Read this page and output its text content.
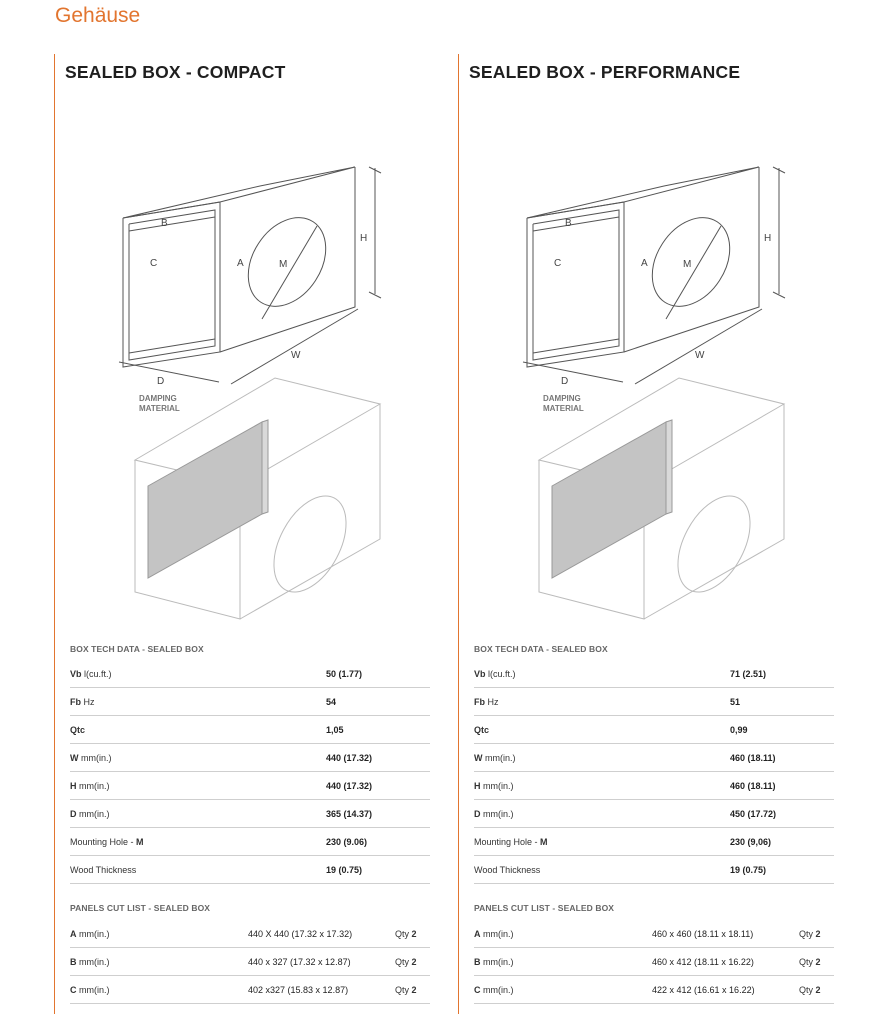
Gehäuse
SEALED BOX - COMPACT
B
C	A	M
H
W
D
DAMPING
MATERIAL

BOX TECH DATA - SEALED BOX

Vb l(cu.ft.)	50 (1.77)
Fb Hz	54
Qtc	1,05
W mm(in.)	440 (17.32)
H mm(in.)	440 (17.32)
D mm(in.)	365 (14.37)
Mounting Hole - M	230 (9.06)
Wood Thickness	19 (0.75)

PANELS CUT LIST - SEALED BOX

A mm(in.)	440 X 440 (17.32 x 17.32)	Qty 2
B mm(in.)	440 x 327 (17.32 x 12.87)	Qty 2
C mm(in.)	402 x327 (15.83 x 12.87)	Qty 2
SEALED BOX - PERFORMANCE
B
C	A	M
H
W
D
DAMPING
MATERIAL

BOX TECH DATA - SEALED BOX

Vb l(cu.ft.)	71 (2.51)
Fb Hz	51
Qtc	0,99
W mm(in.)	460 (18.11)
H mm(in.)	460 (18.11)
D mm(in.)	450 (17.72)
Mounting Hole - M	230 (9,06)
Wood Thickness	19 (0.75)

PANELS CUT LIST - SEALED BOX

A mm(in.)	460 x 460 (18.11 x 18.11)	Qty 2
B mm(in.)	460 x 412 (18.11 x 16.22)	Qty 2
C mm(in.)	422 x 412 (16.61 x 16.22)	Qty 2
